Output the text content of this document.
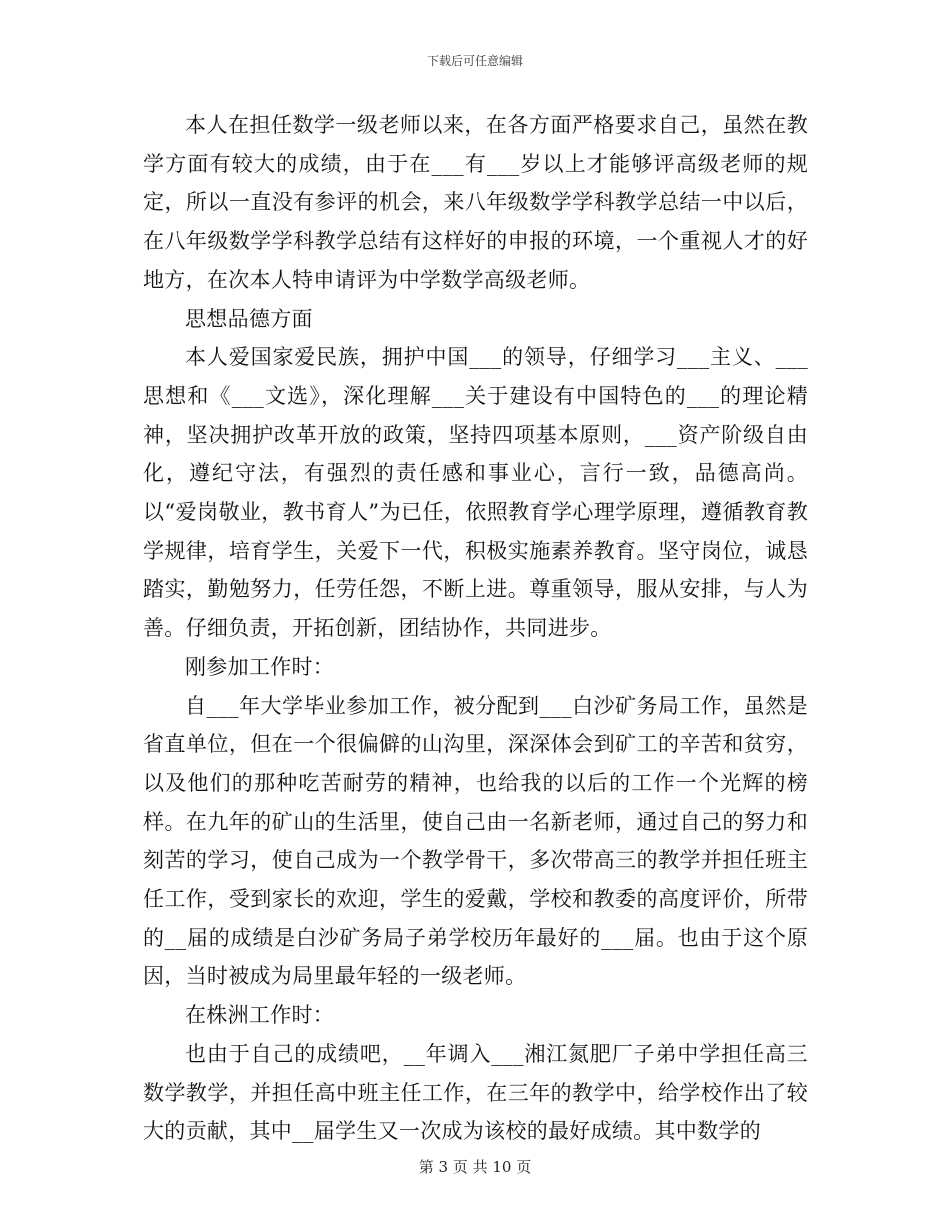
下载后可任意编辑

本人在担任数学一级老师以来，在各方面严格要求自己，虽然在教学方面有较大的成绩，由于在___有___岁以上才能够评高级老师的规定，所以一直没有参评的机会，来八年级数学学科教学总结一中以后，在八年级数学学科教学总结有这样好的申报的环境，一个重视人才的好地方，在次本人特申请评为中学数学高级老师。

思想品德方面

本人爱国家爱民族，拥护中国___的领导，仔细学习___主义、___思想和《___文选》，深化理解___关于建设有中国特色的___的理论精神，坚决拥护改革开放的政策，坚持四项基本原则，___资产阶级自由化，遵纪守法，有强烈的责任感和事业心，言行一致，品德高尚。以“爱岗敬业，教书育人”为已任，依照教育学心理学原理，遵循教育教学规律，培育学生，关爱下一代，积极实施素养教育。坚守岗位，诚恳踏实，勤勉努力，任劳任怨，不断上进。尊重领导，服从安排，与人为善。仔细负责，开拓创新，团结协作，共同进步。

刚参加工作时：

自___年大学毕业参加工作，被分配到___白沙矿务局工作，虽然是省直单位，但在一个很偏僻的山沟里，深深体会到矿工的辛苦和贫穷，以及他们的那种吃苦耐劳的精神，也给我的以后的工作一个光辉的榜样。在九年的矿山的生活里，使自己由一名新老师，通过自己的努力和刻苦的学习，使自己成为一个教学骨干，多次带高三的教学并担任班主任工作，受到家长的欢迎，学生的爱戴，学校和教委的高度评价，所带的__届的成绩是白沙矿务局子弟学校历年最好的___届。也由于这个原因，当时被成为局里最年轻的一级老师。

在株洲工作时：

也由于自己的成绩吧，__年调入___湘江氮肥厂子弟中学担任高三数学教学，并担任高中班主任工作，在三年的教学中，给学校作出了较大的贡献，其中__届学生又一次成为该校的最好成绩。其中数学的

第 3 页 共 10 页
